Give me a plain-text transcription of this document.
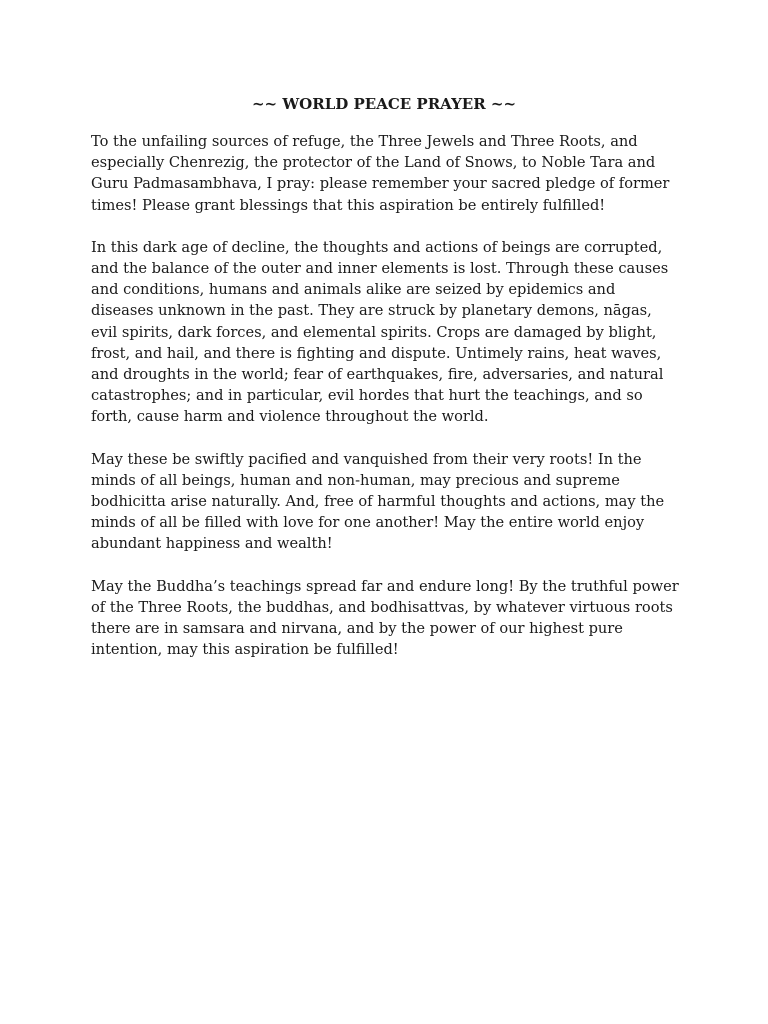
~~ WORLD PEACE PRAYER ~~

To the unfailing sources of refuge, the Three Jewels and Three Roots, and
especially Chenrezig, the protector of the Land of Snows, to Noble Tara and
Guru Padmasambhava, I pray: please remember your sacred pledge of former
times! Please grant blessings that this aspiration be entirely fulfilled!

In this dark age of decline, the thoughts and actions of beings are corrupted,
and the balance of the outer and inner elements is lost. Through these causes
and conditions, humans and animals alike are seized by epidemics and
diseases unknown in the past. They are struck by planetary demons, nāgas,
evil spirits, dark forces, and elemental spirits. Crops are damaged by blight,
frost, and hail, and there is fighting and dispute. Untimely rains, heat waves,
and droughts in the world; fear of earthquakes, fire, adversaries, and natural
catastrophes; and in particular, evil hordes that hurt the teachings, and so
forth, cause harm and violence throughout the world.

May these be swiftly pacified and vanquished from their very roots! In the
minds of all beings, human and non-human, may precious and supreme
bodhicitta arise naturally. And, free of harmful thoughts and actions, may the
minds of all be filled with love for one another! May the entire world enjoy
abundant happiness and wealth!

May the Buddha’s teachings spread far and endure long! By the truthful power
of the Three Roots, the buddhas, and bodhisattvas, by whatever virtuous roots
there are in samsara and nirvana, and by the power of our highest pure
intention, may this aspiration be fulfilled!
